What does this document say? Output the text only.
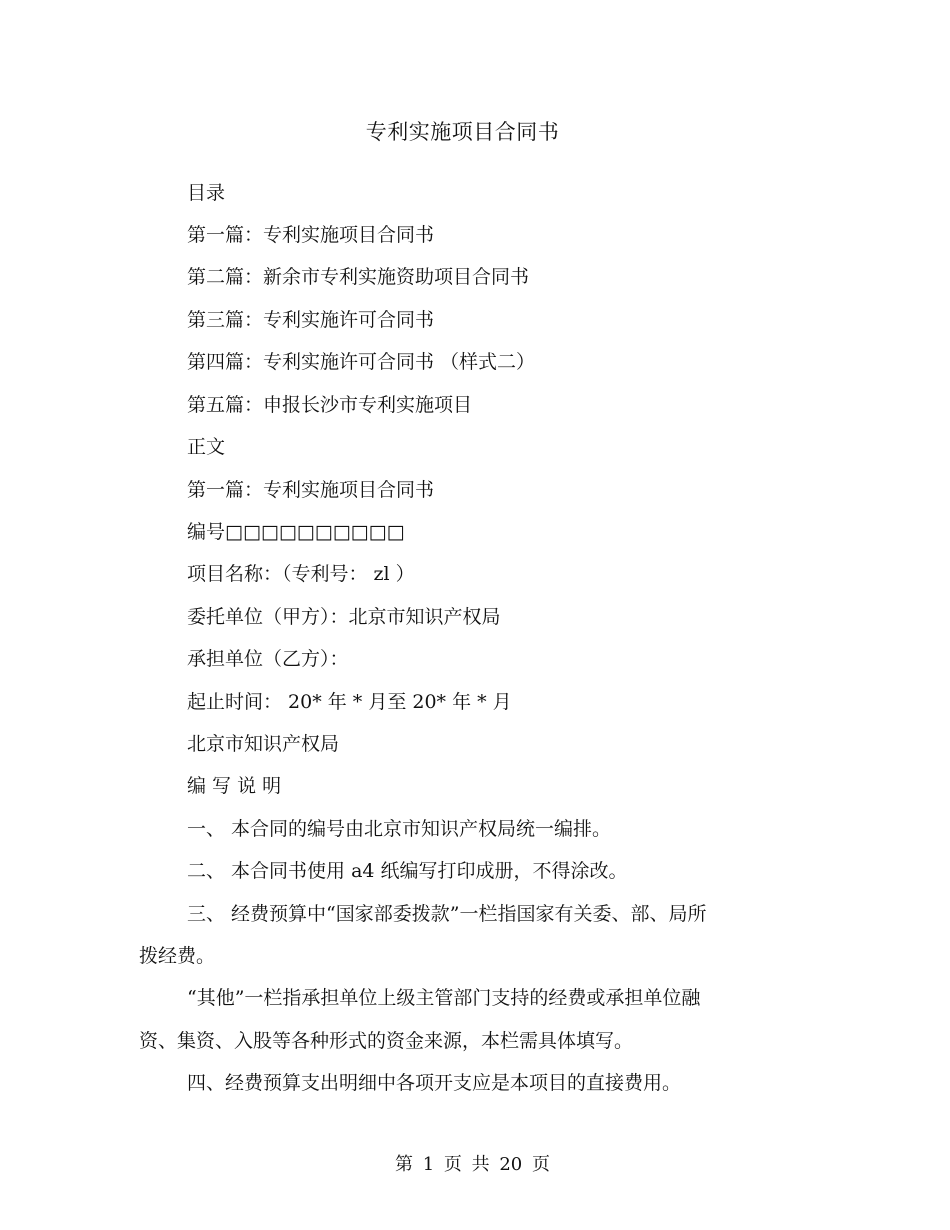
专利实施项目合同书
目录
第一篇：专利实施项目合同书
第二篇：新余市专利实施资助项目合同书
第三篇：专利实施许可合同书
第四篇：专利实施许可合同书 （样式二）
第五篇：申报长沙市专利实施项目
正文
第一篇：专利实施项目合同书
编号□□□□□□□□□□
项目名称：（专利号： zl ）
委托单位（甲方）：北京市知识产权局
承担单位（乙方）：
起止时间： 20* 年 * 月至 20* 年 * 月
北京市知识产权局
编 写 说 明
一、 本合同的编号由北京市知识产权局统一编排。
二、 本合同书使用 a4 纸编写打印成册，不得涂改。
三、 经费预算中“国家部委拨款”一栏指国家有关委、部、局所
拨经费。
“其他”一栏指承担单位上级主管部门支持的经费或承担单位融
资、集资、入股等各种形式的资金来源，本栏需具体填写。
四、经费预算支出明细中各项开支应是本项目的直接费用。
第 1 页 共 20 页
